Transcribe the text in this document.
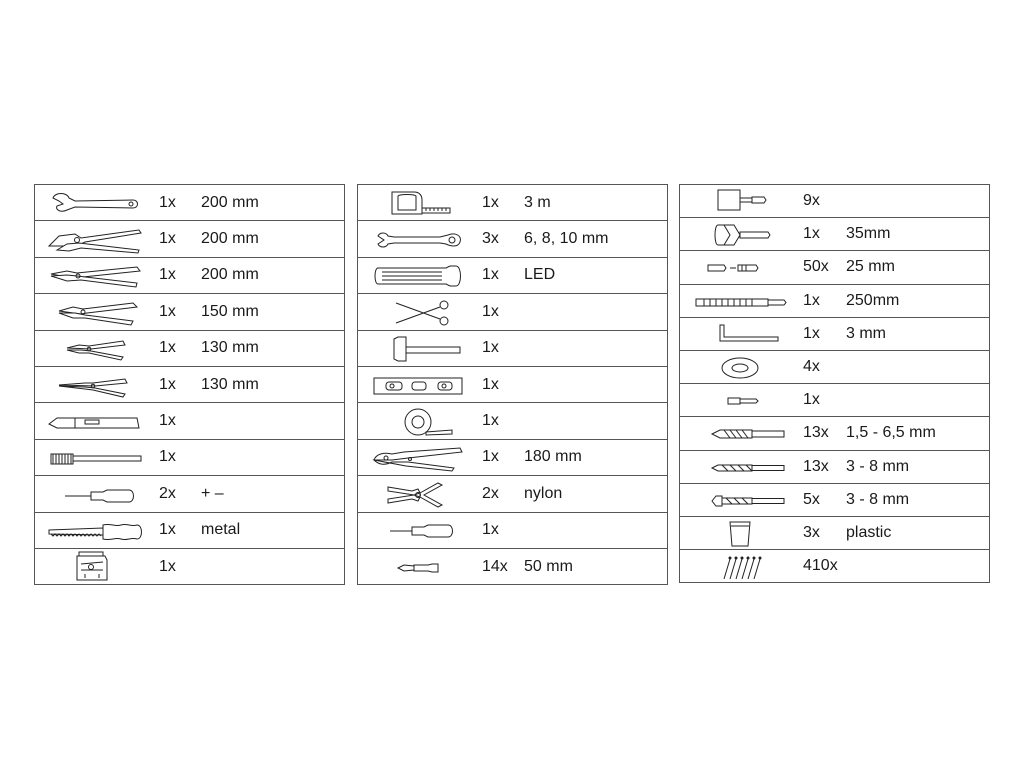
1x 200 mm
1x 200 mm
1x 200 mm
1x 150 mm
1x 130 mm
1x 130 mm
1x
1x
2x + –
1x metal
1x
1x 3 m
3x 6, 8, 10 mm
1x LED
1x
1x
1x
1x
1x 180 mm
2x nylon
1x
14x 50 mm
9x
1x 35mm
50x 25 mm
1x 250mm
1x 3 mm
4x
1x
13x 1,5 - 6,5 mm
13x 3 - 8 mm
5x 3 - 8 mm
3x plastic
410x
